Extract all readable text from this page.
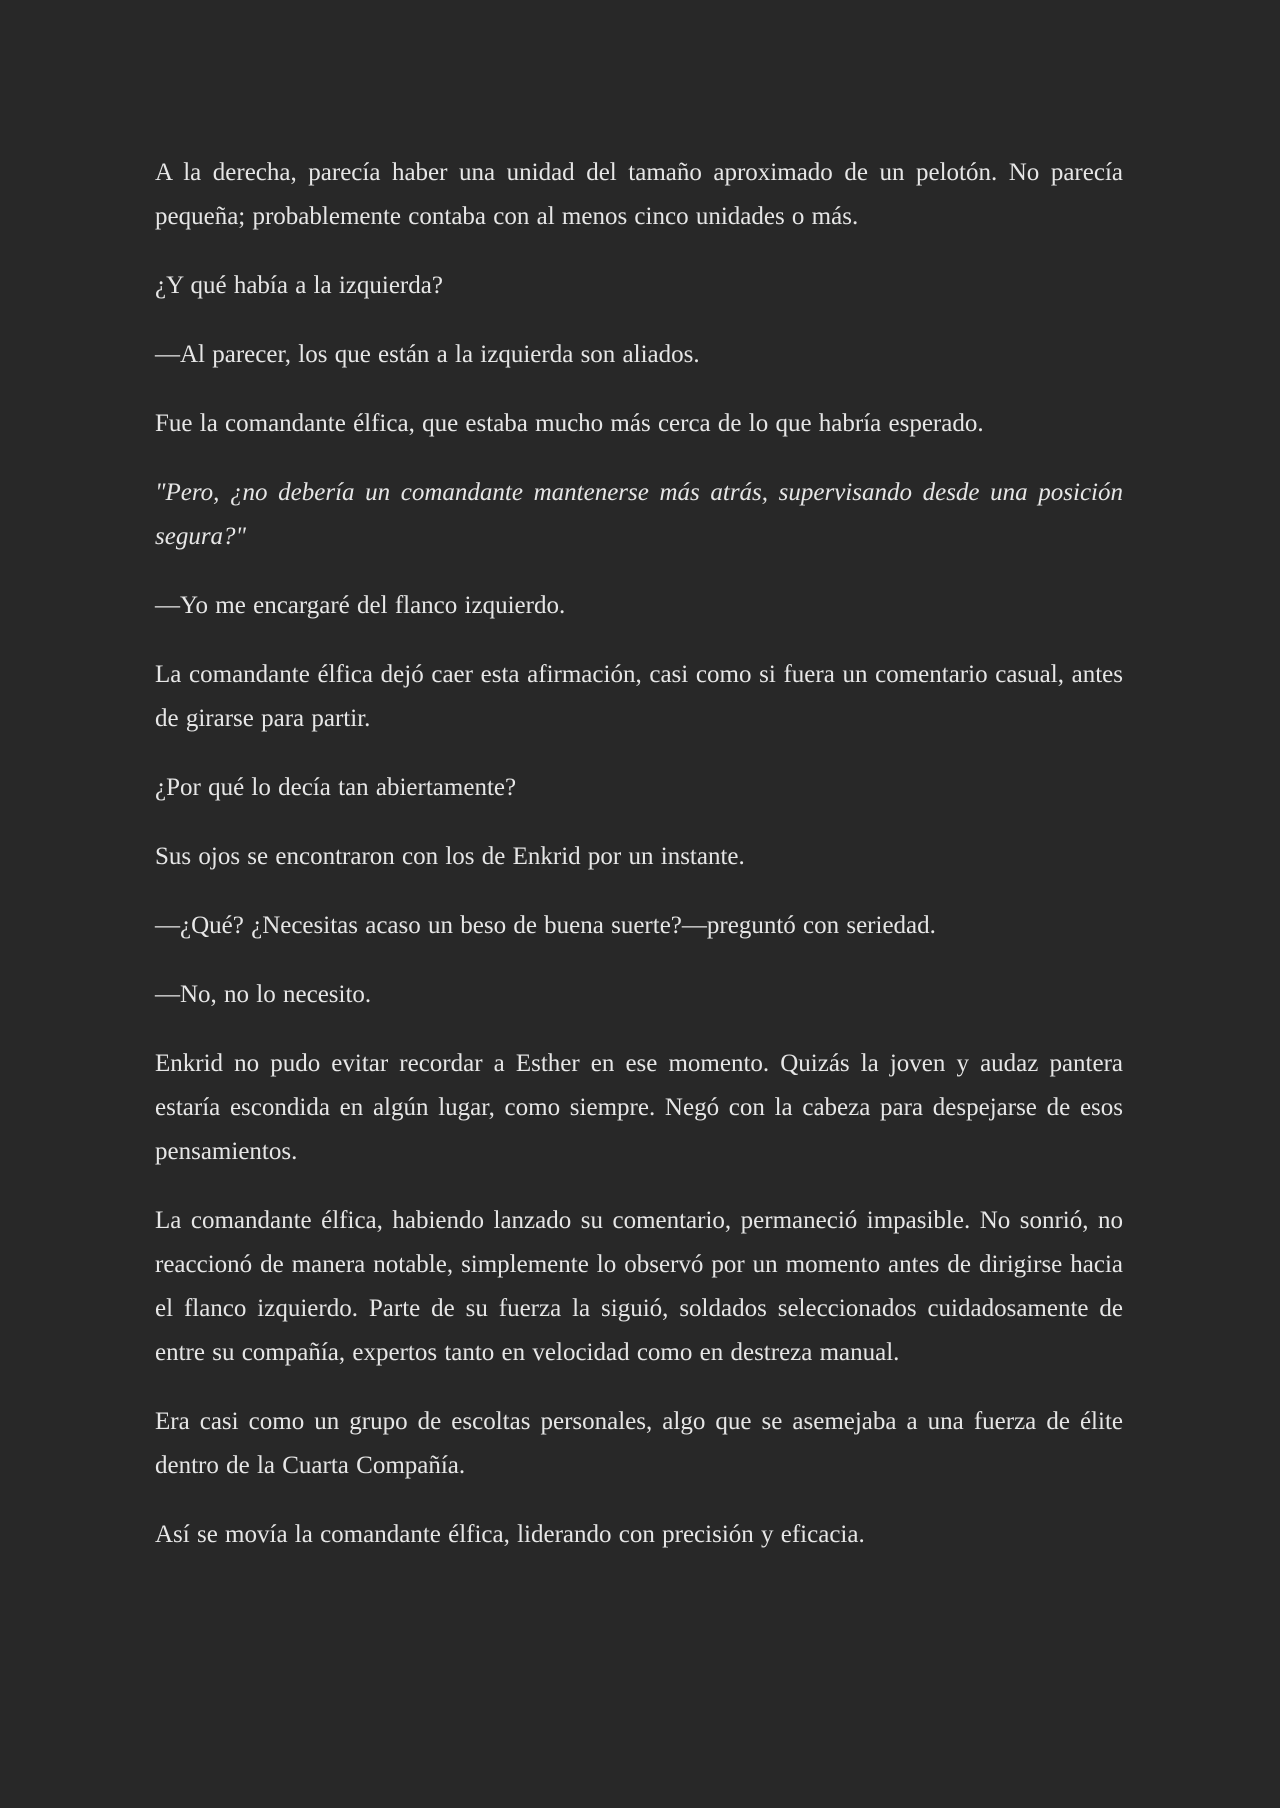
A la derecha, parecía haber una unidad del tamaño aproximado de un pelotón. No parecía pequeña; probablemente contaba con al menos cinco unidades o más.

¿Y qué había a la izquierda?

—Al parecer, los que están a la izquierda son aliados.

Fue la comandante élfica, que estaba mucho más cerca de lo que habría esperado.

"Pero, ¿no debería un comandante mantenerse más atrás, supervisando desde una posición segura?"

—Yo me encargaré del flanco izquierdo.

La comandante élfica dejó caer esta afirmación, casi como si fuera un comentario casual, antes de girarse para partir.

¿Por qué lo decía tan abiertamente?

Sus ojos se encontraron con los de Enkrid por un instante.

—¿Qué? ¿Necesitas acaso un beso de buena suerte?—preguntó con seriedad.

—No, no lo necesito.

Enkrid no pudo evitar recordar a Esther en ese momento. Quizás la joven y audaz pantera estaría escondida en algún lugar, como siempre. Negó con la cabeza para despejarse de esos pensamientos.

La comandante élfica, habiendo lanzado su comentario, permaneció impasible. No sonrió, no reaccionó de manera notable, simplemente lo observó por un momento antes de dirigirse hacia el flanco izquierdo. Parte de su fuerza la siguió, soldados seleccionados cuidadosamente de entre su compañía, expertos tanto en velocidad como en destreza manual.

Era casi como un grupo de escoltas personales, algo que se asemejaba a una fuerza de élite dentro de la Cuarta Compañía.

Así se movía la comandante élfica, liderando con precisión y eficacia.
